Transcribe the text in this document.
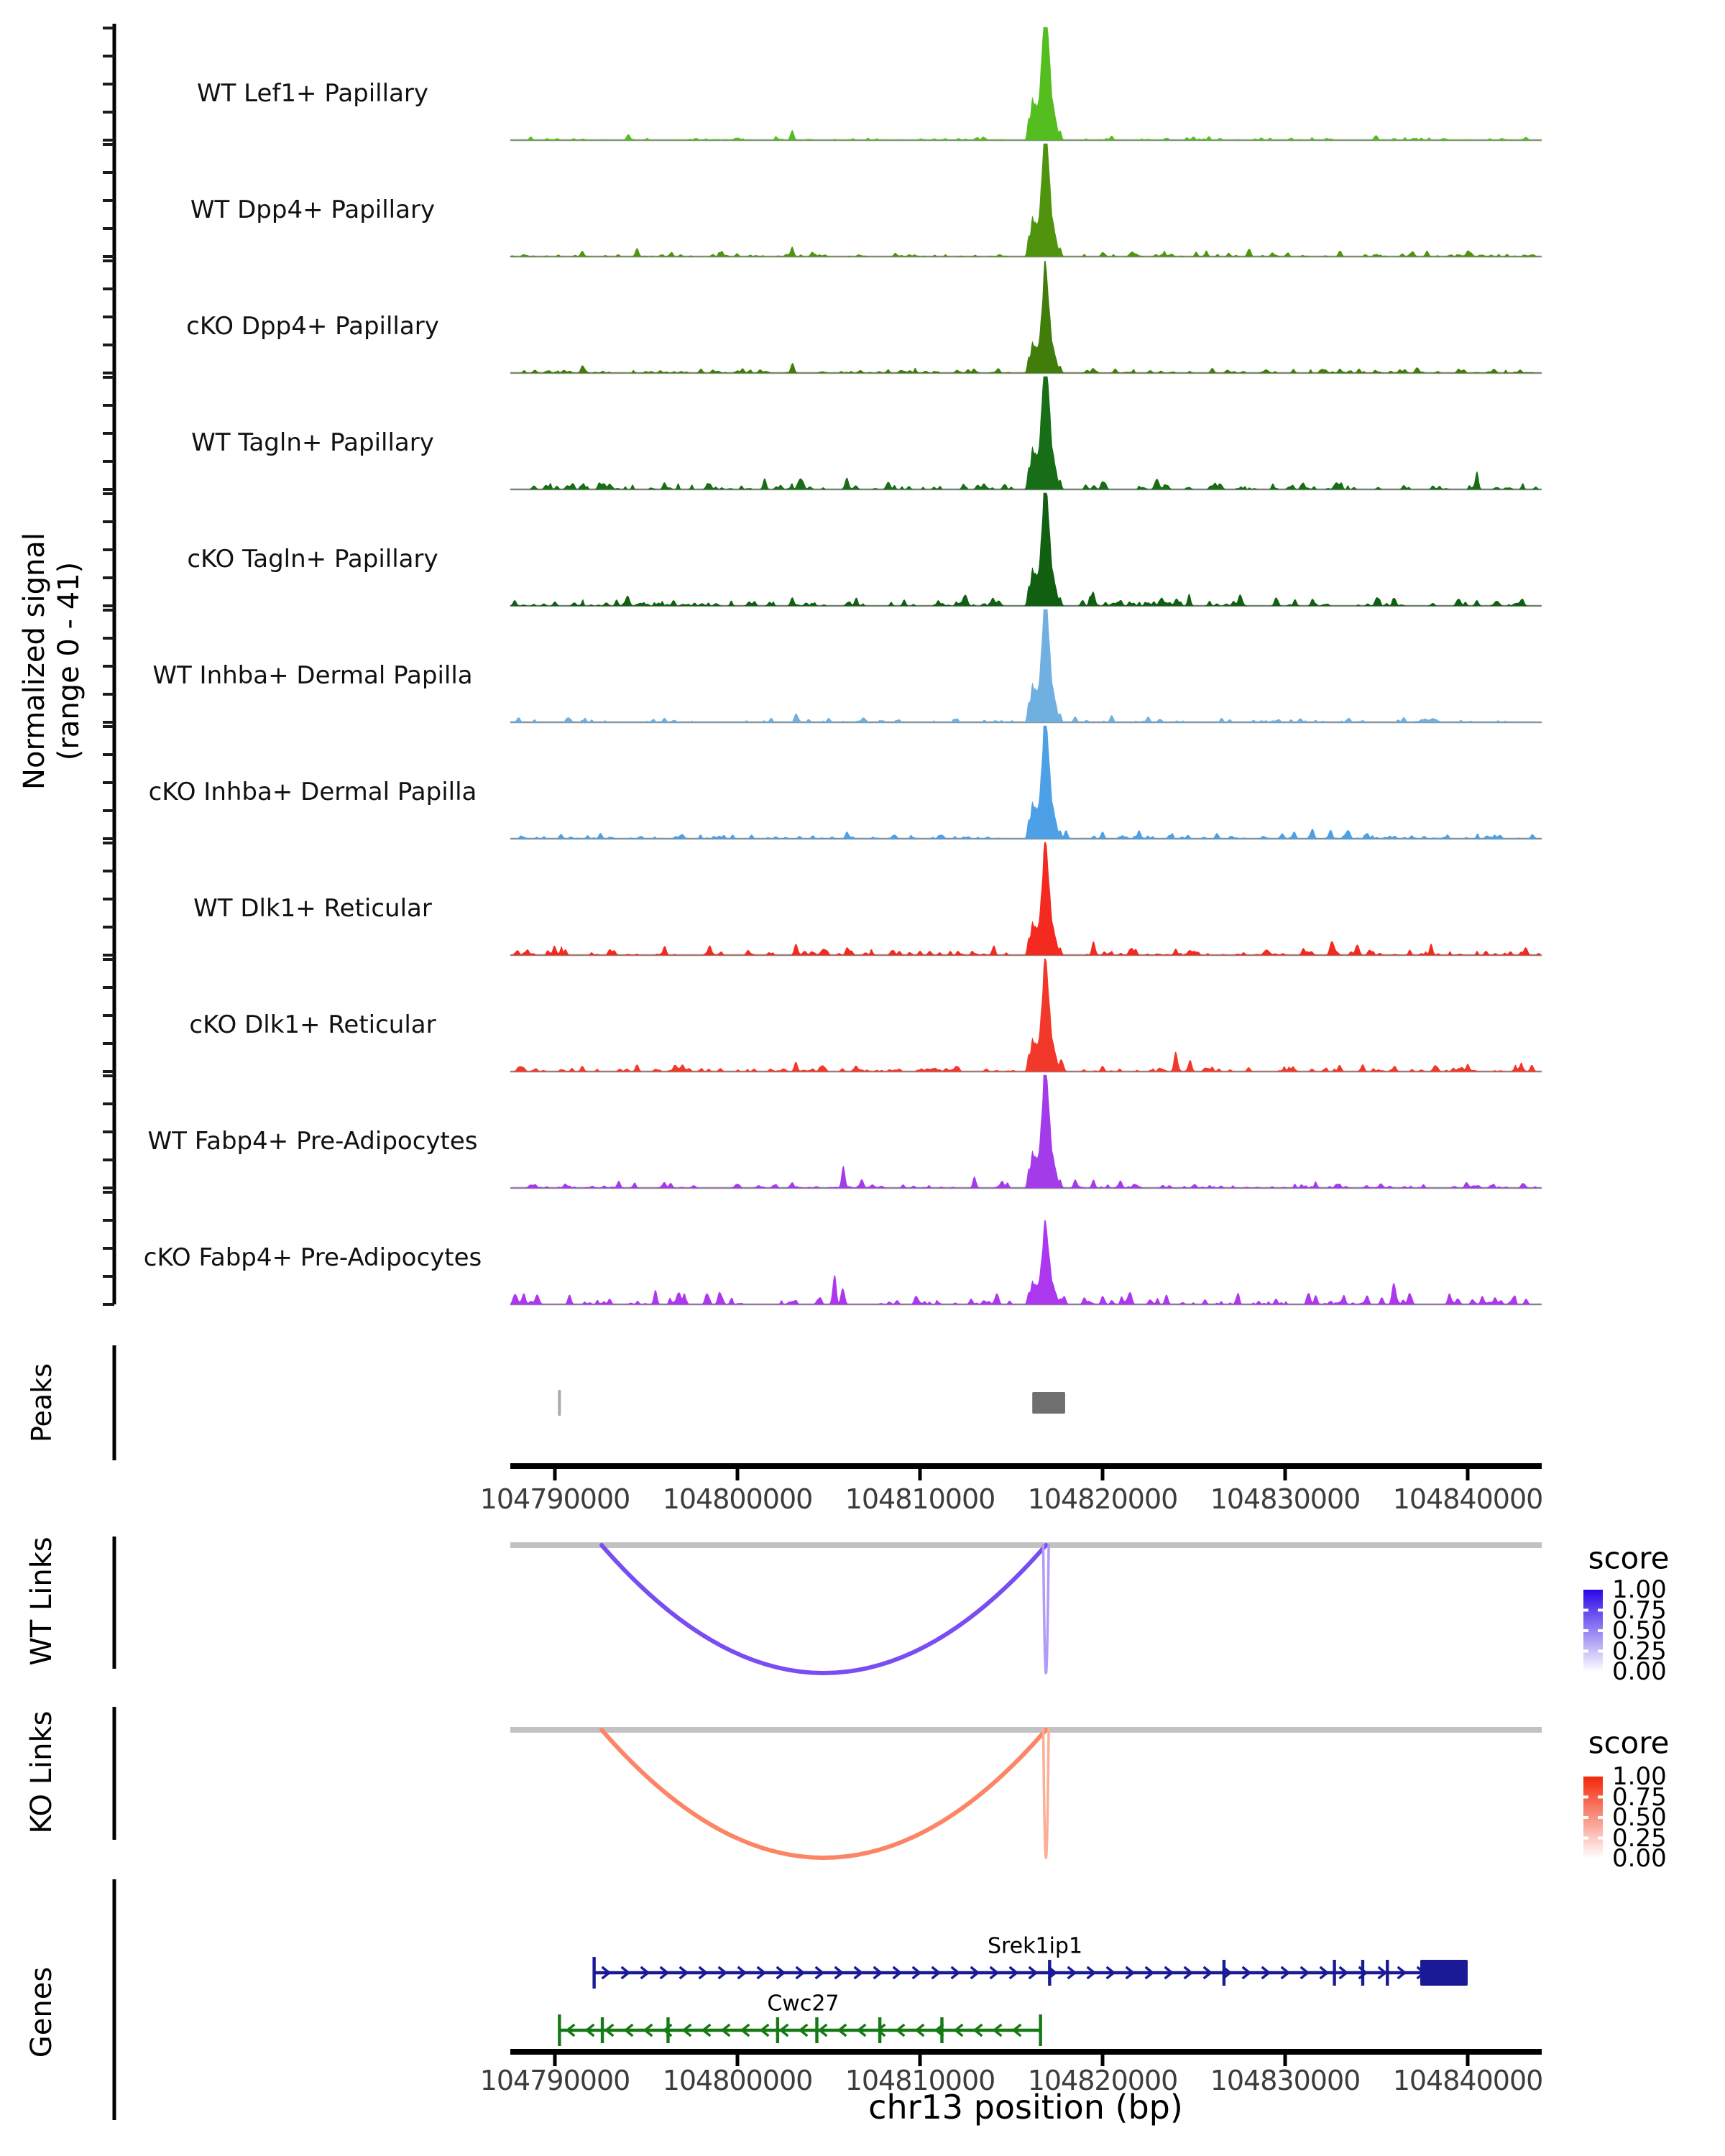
Normalized signal (range 0 - 41)
Peaks
WT Links
KO Links
Genes
score
score
chr13 position (bp)
WT Lef1+ Papillary
WT Dpp4+ Papillary
cKO Dpp4+ Papillary
WT Tagln+ Papillary
cKO Tagln+ Papillary
WT Inhba+ Dermal Papilla
cKO Inhba+ Dermal Papilla
WT Dlk1+ Reticular
cKO Dlk1+ Reticular
WT Fabp4+ Pre-Adipocytes
cKO Fabp4+ Pre-Adipocytes
104790000 104800000 104810000 104820000 104830000 104840000
1.00
0.75
0.50
0.25
0.00
1.00
0.75
0.50
0.25
0.00
Srek1ip1
Cwc27
104790000 104800000 104810000 104820000 104830000 104840000
